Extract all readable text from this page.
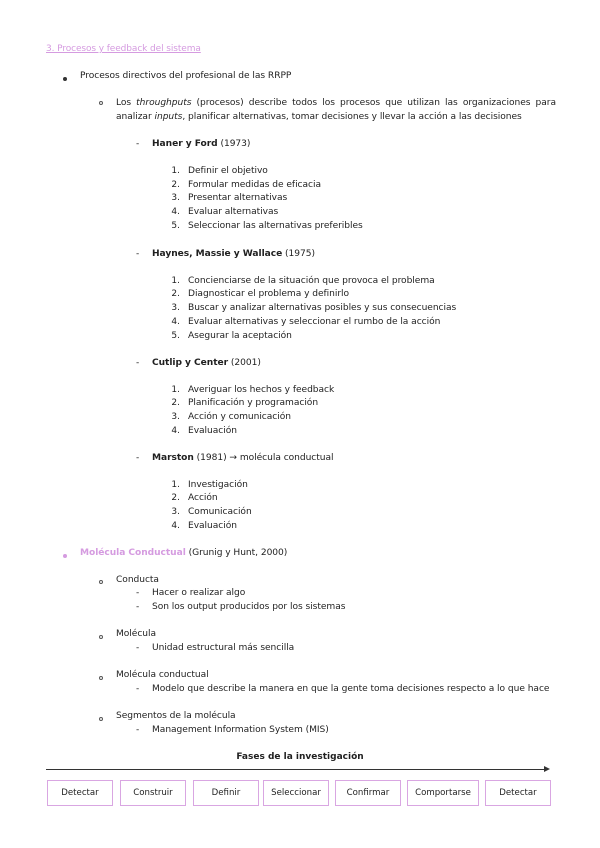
3. Procesos y feedback del sistema
Procesos directivos del profesional de las RRPP
Los throughputs (procesos) describe todos los procesos que utilizan las organizaciones para analizar inputs, planificar alternativas, tomar decisiones y llevar la acción a las decisiones
- Haner y Ford (1973)
1. Definir el objetivo
2. Formular medidas de eficacia
3. Presentar alternativas
4. Evaluar alternativas
5. Seleccionar las alternativas preferibles
- Haynes, Massie y Wallace (1975)
1. Concienciarse de la situación que provoca el problema
2. Diagnosticar el problema y definirlo
3. Buscar y analizar alternativas posibles y sus consecuencias
4. Evaluar alternativas y seleccionar el rumbo de la acción
5. Asegurar la aceptación
- Cutlip y Center (2001)
1. Averiguar los hechos y feedback
2. Planificación y programación
3. Acción y comunicación
4. Evaluación
- Marston (1981) → molécula conductual
1. Investigación
2. Acción
3. Comunicación
4. Evaluación
Molécula Conductual (Grunig y Hunt, 2000)
Conducta
- Hacer o realizar algo
- Son los output producidos por los sistemas
Molécula
- Unidad estructural más sencilla
Molécula conductual
- Modelo que describe la manera en que la gente toma decisiones respecto a lo que hace
Segmentos de la molécula
- Management Information System (MIS)
Fases de la investigación
Detectar	Construir	Definir	Seleccionar	Confirmar	Comportarse	Detectar
